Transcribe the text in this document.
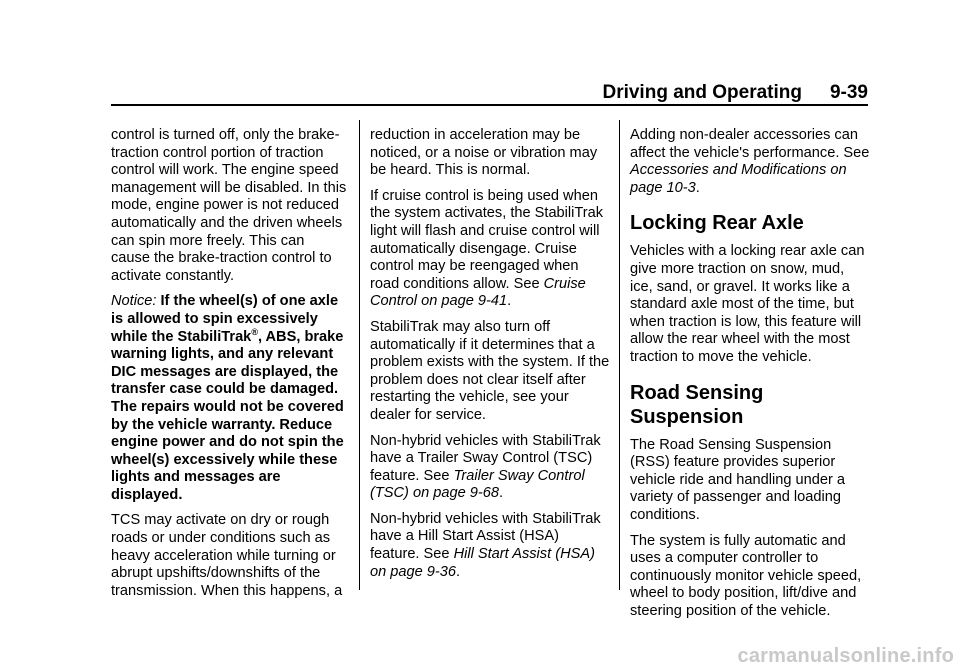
Driving and Operating 9-39

control is turned off, only the brake-traction control portion of traction control will work. The engine speed management will be disabled. In this mode, engine power is not reduced automatically and the driven wheels can spin more freely. This can cause the brake-traction control to activate constantly.

Notice: If the wheel(s) of one axle is allowed to spin excessively while the StabiliTrak®, ABS, brake warning lights, and any relevant DIC messages are displayed, the transfer case could be damaged. The repairs would not be covered by the vehicle warranty. Reduce engine power and do not spin the wheel(s) excessively while these lights and messages are displayed.

TCS may activate on dry or rough roads or under conditions such as heavy acceleration while turning or abrupt upshifts/downshifts of the transmission. When this happens, a

reduction in acceleration may be noticed, or a noise or vibration may be heard. This is normal.

If cruise control is being used when the system activates, the StabiliTrak light will flash and cruise control will automatically disengage. Cruise control may be reengaged when road conditions allow. See Cruise Control on page 9-41.

StabiliTrak may also turn off automatically if it determines that a problem exists with the system. If the problem does not clear itself after restarting the vehicle, see your dealer for service.

Non-hybrid vehicles with StabiliTrak have a Trailer Sway Control (TSC) feature. See Trailer Sway Control (TSC) on page 9-68.

Non-hybrid vehicles with StabiliTrak have a Hill Start Assist (HSA) feature. See Hill Start Assist (HSA) on page 9-36.

Adding non-dealer accessories can affect the vehicle's performance. See Accessories and Modifications on page 10-3.

Locking Rear Axle

Vehicles with a locking rear axle can give more traction on snow, mud, ice, sand, or gravel. It works like a standard axle most of the time, but when traction is low, this feature will allow the rear wheel with the most traction to move the vehicle.

Road Sensing Suspension

The Road Sensing Suspension (RSS) feature provides superior vehicle ride and handling under a variety of passenger and loading conditions.

The system is fully automatic and uses a computer controller to continuously monitor vehicle speed, wheel to body position, lift/dive and steering position of the vehicle.

carmanualsonline.info
